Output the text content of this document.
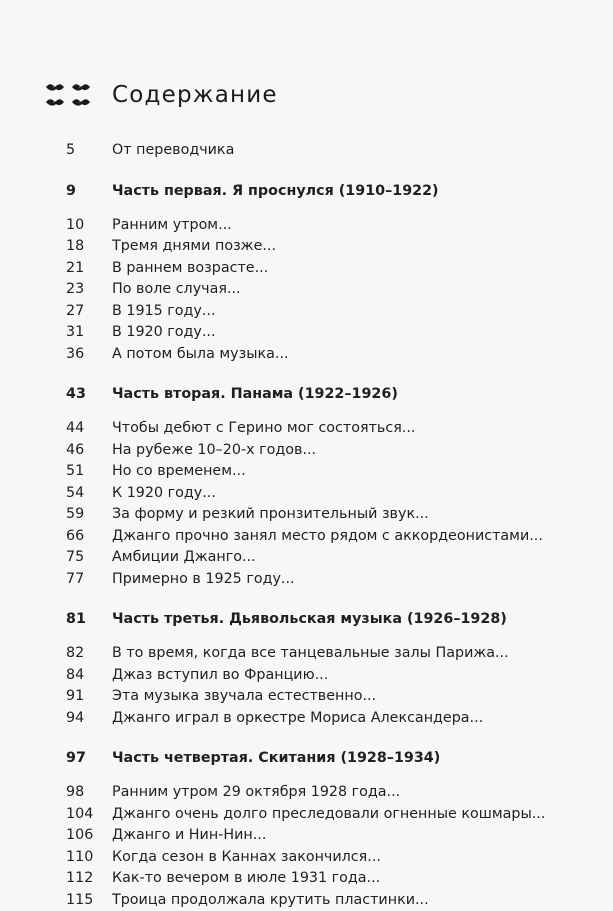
Содержание
5	От переводчика
9	Часть первая. Я проснулся (1910–1922)
10 Ранним утром...
18 Тремя днями позже...
21 В раннем возрасте...
23 По воле случая...
27 В 1915 году...
31 В 1920 году...
36 А потом была музыка...
43 Часть вторая. Панама (1922–1926)
44 Чтобы дебют с Герино мог состояться...
46 На рубеже 10–20-х годов...
51 Но со временем...
54 К 1920 году...
59 За форму и резкий пронзительный звук...
66 Джанго прочно занял место рядом с аккордеонистами...
75 Амбиции Джанго...
77 Примерно в 1925 году...
81 Часть третья. Дьявольская музыка (1926–1928)
82 В то время, когда все танцевальные залы Парижа...
84 Джаз вступил во Францию...
91 Эта музыка звучала естественно...
94 Джанго играл в оркестре Мориса Александера...
97 Часть четвертая. Скитания (1928–1934)
98 Ранним утром 29 октября 1928 года...
104 Джанго очень долго преследовали огненные кошмары...
106 Джанго и Нин-Нин...
110 Когда сезон в Каннах закончился...
112 Как-то вечером в июле 1931 года...
115 Троица продолжала крутить пластинки...
